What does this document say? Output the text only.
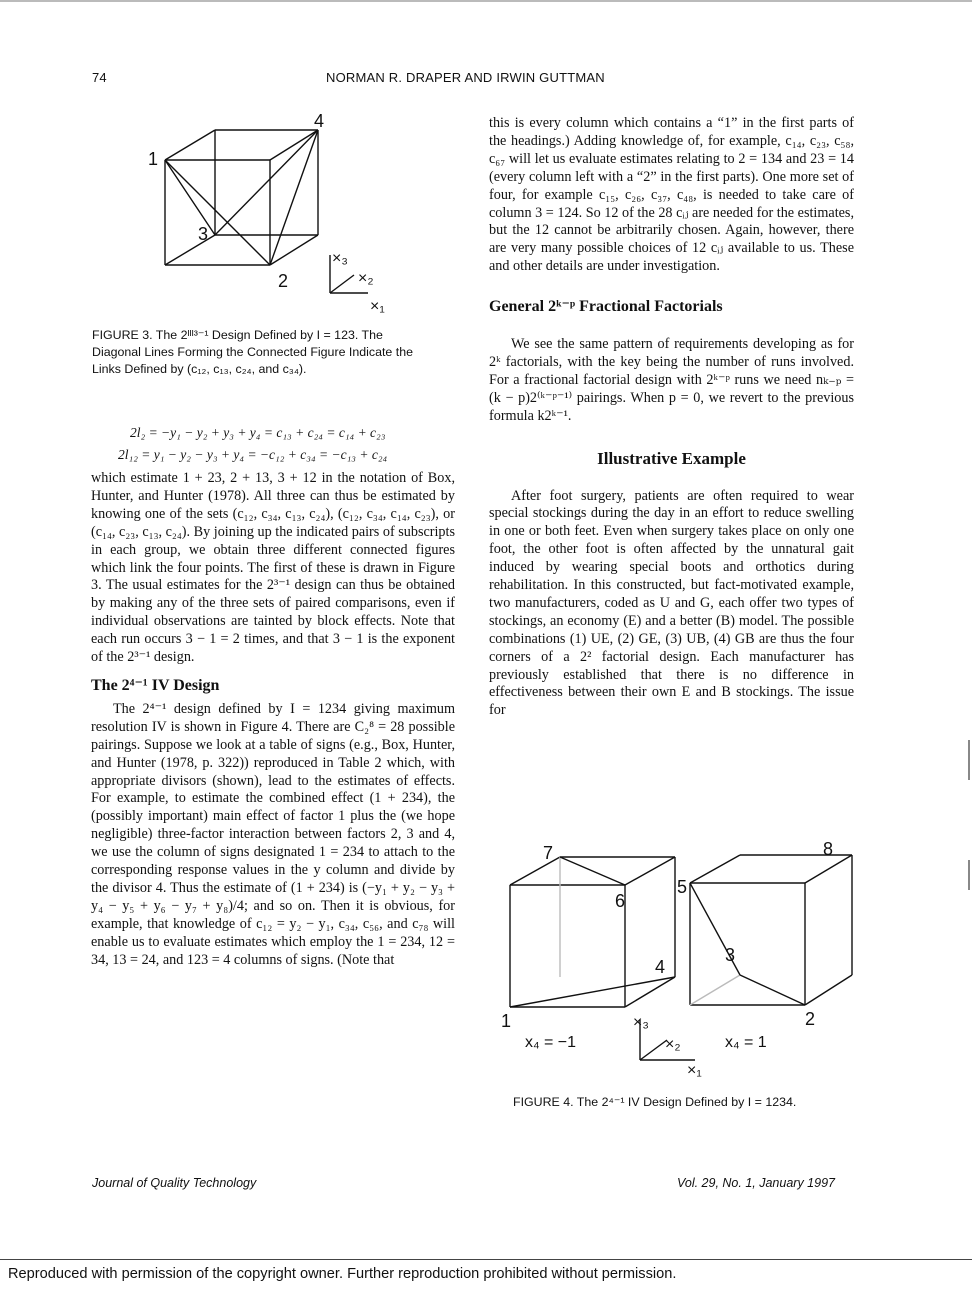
74	NORMAN R. DRAPER AND IRWIN GUTTMAN
1
4
3
2
×₃
×₂
×₁
FIGURE 3. The 2ᴵᴵᴵ³⁻¹ Design Defined by I = 123. The
Diagonal Lines Forming the Connected Figure Indicate the
Links Defined by (c₁₂, c₁₃, c₂₄, and c₃₄).
2l₂ = −y₁ − y₂ + y₃ + y₄ = c₁₃ + c₂₄ = c₁₄ + c₂₃
2l₁₂ = y₁ − y₂ − y₃ + y₄ = −c₁₂ + c₃₄ = −c₁₃ + c₂₄

which estimate 1 + 23, 2 + 13, 3 + 12 in the notation of Box, Hunter, and Hunter (1978). All three can thus be estimated by knowing one of the sets (c₁₂, c₃₄, c₁₃, c₂₄), (c₁₂, c₃₄, c₁₄, c₂₃), or (c₁₄, c₂₃, c₁₃, c₂₄). By joining up the indicated pairs of subscripts in each group, we obtain three different connected figures which link the four points. The first of these is drawn in Figure 3. The usual estimates for the 2³⁻¹ design can thus be obtained by making any of the three sets of paired comparisons, even if individual observations are tainted by block effects. Note that each run occurs 3 − 1 = 2 times, and that 3 − 1 is the exponent of the 2³⁻¹ design.

The 2⁴⁻¹ IV Design

The 2⁴⁻¹ design defined by I = 1234 giving maximum resolution IV is shown in Figure 4. There are C₂⁸ = 28 possible pairings. Suppose we look at a table of signs (e.g., Box, Hunter, and Hunter (1978, p. 322)) reproduced in Table 2 which, with appropriate divisors (shown), lead to the estimates of effects. For example, to estimate the combined effect (1 + 234), the (possibly important) main effect of factor 1 plus the (we hope negligible) three-factor interaction between factors 2, 3 and 4, we use the column of signs designated 1 = 234 to attach to the corresponding response values in the y column and divide by the divisor 4. Thus the estimate of (1 + 234) is (−y₁ + y₂ − y₃ + y₄ − y₅ + y₆ − y₇ + y₈)/4; and so on. Then it is obvious, for example, that knowledge of c₁₂ = y₂ − y₁, c₃₄, c₅₆, and c₇₈ will enable us to evaluate estimates which employ the 1 = 234, 12 = 34, 13 = 24, and 123 = 4 columns of signs. (Note that

this is every column which contains a “1” in the first parts of the headings.) Adding knowledge of, for example, c₁₄, c₂₃, c₅₈, c₆₇ will let us evaluate estimates relating to 2 = 134 and 23 = 14 (every column left with a “2” in the first parts). One more set of four, for example c₁₅, c₂₆, c₃₇, c₄₈, is needed to take care of column 3 = 124. So 12 of the 28 cᵢⱼ are needed for the estimates, but the 12 cannot be arbitrarily chosen. Again, however, there are very many possible choices of 12 cᵢⱼ available to us. These and other details are under investigation.

General 2ᵏ⁻ᵖ Fractional Factorials

We see the same pattern of requirements developing as for 2ᵏ factorials, with the key being the number of runs involved. For a fractional factorial design with 2ᵏ⁻ᵖ runs we need nₖ₋ₚ = (k − p)2⁽ᵏ⁻ᵖ⁻¹⁾ pairings. When p = 0, we revert to the previous formula k2ᵏ⁻¹.

Illustrative Example

After foot surgery, patients are often required to wear special stockings during the day in an effort to reduce swelling in one or both feet. Even when surgery takes place on only one foot, the other foot is often affected by the unnatural gait induced by wearing special boots and orthotics during rehabilitation. In this constructed, but fact-motivated example, two manufacturers, coded as U and G, each offer two types of stockings, an economy (E) and a better (B) model. The possible combinations (1) UE, (2) GE, (3) UB, (4) GB are thus the four corners of a 2² factorial design. Each manufacturer has previously established that there is no difference in effectiveness between their own E and B stockings. The issue for

7
6
4
1
5
8
3
2
x₄ = −1	x₄ = 1
×₃
×₂
×₁
FIGURE 4. The 2⁴⁻¹ IV Design Defined by I = 1234.
Journal of Quality Technology	Vol. 29, No. 1, January 1997
Reproduced with permission of the copyright owner. Further reproduction prohibited without permission.
